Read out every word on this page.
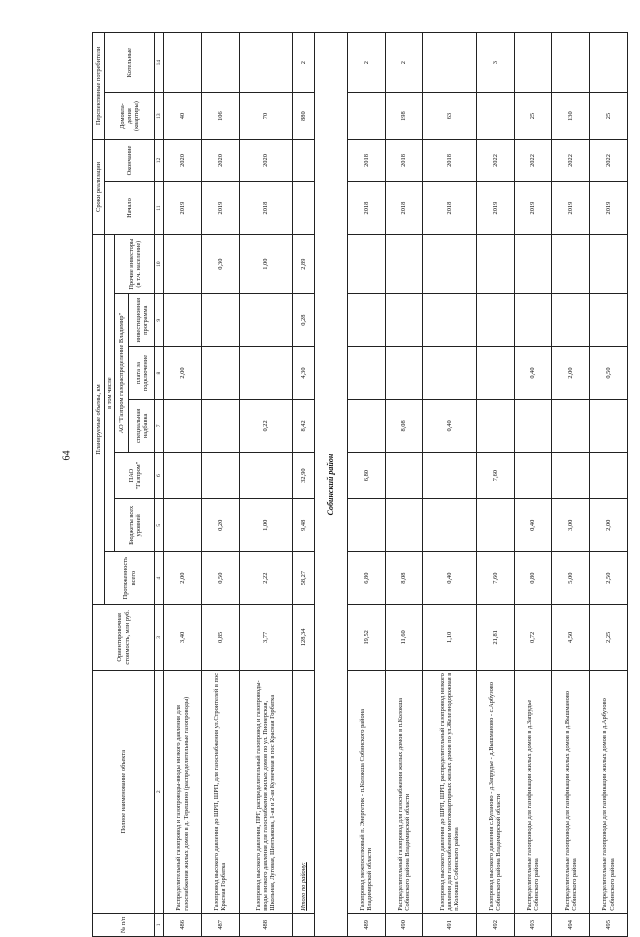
64
№ п/п	Полное наименование объекта	Ориентировочная стоимость, млн руб.	Планируемые объемы, км							Сроки реализации		Перспективные потребители	
			Протяженность всего	в том числе						Начало	Окончание	Домовла-дения (квартиры)	Котельные
				Бюджеты всех уровней	ПАО "Газпром"	АО "Газпром газораспределение Владимир"			Прочие инвесторы (в т.ч. население)				
						специальная надбавка	плата за подключение	инвестиционная программа					
1	2	3	4	5	6	7	8	9	10	11	12	13	14
486	Распределительный газопровод и газопроводы-вводы низкого давления для газоснабжения жилых домов в д. Терешино (распределительные газопроводы)	3,40	2,00				2,00			2019	2020	40	
487	Газопровод высокого давления до ШРП, ШРП, для газоснабжения ул.Строителей в пос Красная Горбатка	0,85	0,50	0,20					0,30	2019	2020	106	
488	Газопровод высокого давления, ПРГ, распределительный газопровод и газопроводы-вводы низкого давления для газоснабжения жилых домов по ул. Пионерская, Школьная, Луговая, Шентьякова, 1-ая и 2-ая Кузнечная в пос Красная Горбатка	3,77	2,22	1,00		0,22			1,00	2018	2020	70	
	Итого по району:	128,34	58,27	9,48	32,90	8,42	4,30	0,28	2,89			880	2
Собинский район													
489	Газопровод межпоселковый п. Энергетик - п.Колокша Собинского района Владимирской области	19,52	6,80		6,80					2018	2018		2
490	Распределительный газопровод для газоснабжения жилых домов в п.Колокша Собинского района Владимирской области	11,60	8,08			8,08				2018	2018	198	2
491	Газопровод высокого давления до ШРП, ШРП, распределительный газопровод низкого давления для газоснабжения многоквартирных жилых домов по ул.Железнодорожная в п.Колокша Собинского района	1,10	0,40			0,40				2018	2018	63	
492	Газопровод высокого давления с.Буланово - д.Запрудье - д.Вышманово - с.Арбузово Собинского района Владимирской области	21,81	7,60		7,60					2019	2022		3
493	Распределительные газопроводы для газификации жилых домов в д.Запрудье Собинского района	0,72	0,80	0,40			0,40			2019	2022	25	
494	Распределительные газопроводы для газификации жилых домов в д.Вышманово Собинского района	4,50	5,00	3,00			2,00			2019	2022	130	
495	Распределительные газопроводы для газификации жилых домов в д.Арбузово Собинского района	2,25	2,50	2,00			0,50			2019	2022	25	
